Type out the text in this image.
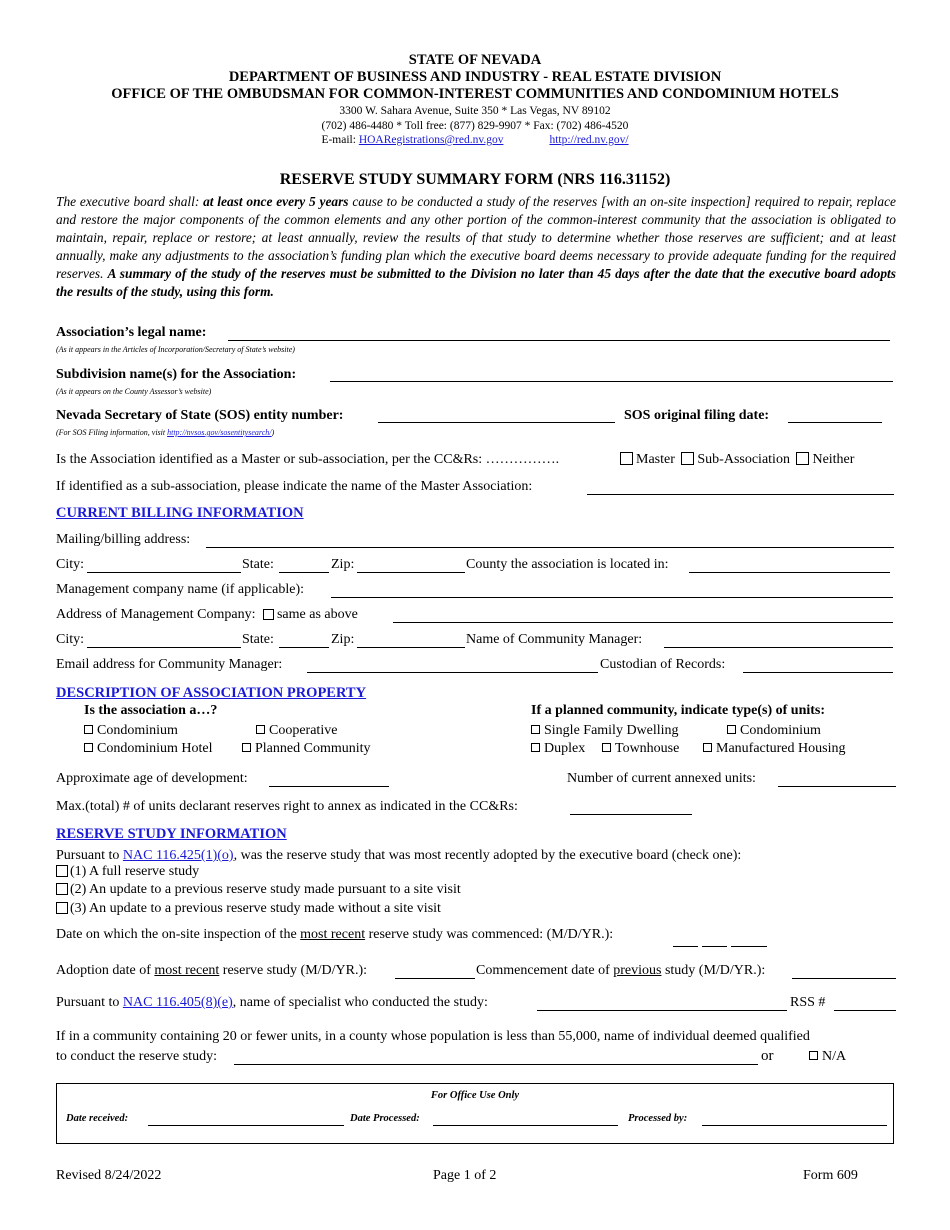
STATE OF NEVADA
DEPARTMENT OF BUSINESS AND INDUSTRY - REAL ESTATE DIVISION
OFFICE OF THE OMBUDSMAN FOR COMMON-INTEREST COMMUNITIES AND CONDOMINIUM HOTELS
3300 W. Sahara Avenue, Suite 350 * Las Vegas, NV 89102
(702) 486-4480 * Toll free: (877) 829-9907 * Fax: (702) 486-4520
E-mail: HOARegistrations@red.nv.gov	http://red.nv.gov/
RESERVE STUDY SUMMARY FORM (NRS 116.31152)
The executive board shall: at least once every 5 years cause to be conducted a study of the reserves [with an on-site inspection] required to repair, replace and restore the major components of the common elements and any other portion of the common-interest community that the association is obligated to maintain, repair, replace or restore; at least annually, review the results of that study to determine whether those reserves are sufficient; and at least annually, make any adjustments to the association’s funding plan which the executive board deems necessary to provide adequate funding for the required reserves. A summary of the study of the reserves must be submitted to the Division no later than 45 days after the date that the executive board adopts the results of the study, using this form.
Association’s legal name:
(As it appears in the Articles of Incorporation/Secretary of State’s website)
Subdivision name(s) for the Association:
(As it appears on the County Assessor’s website)
Nevada Secretary of State (SOS) entity number:	SOS original filing date:
(For SOS Filing information, visit http://nvsos.gov/sosentitysearch/)
Is the Association identified as a Master or sub-association, per the CC&Rs: …………….	Master Sub-Association Neither
If identified as a sub-association, please indicate the name of the Master Association:
CURRENT BILLING INFORMATION
Mailing/billing address:
City:	State:	Zip:	County the association is located in:
Management company name (if applicable):
Address of Management Company: same as above
City:	State:	Zip:	Name of Community Manager:
Email address for Community Manager:	Custodian of Records:
DESCRIPTION OF ASSOCIATION PROPERTY
Is the association a…?	If a planned community, indicate type(s) of units:
Condominium	Cooperative
Condominium Hotel	Planned Community
Single Family Dwelling	Condominium
Duplex	Townhouse	Manufactured Housing
Approximate age of development:	Number of current annexed units:
Max.(total) # of units declarant reserves right to annex as indicated in the CC&Rs:
RESERVE STUDY INFORMATION
Pursuant to NAC 116.425(1)(o), was the reserve study that was most recently adopted by the executive board (check one):
(1) A full reserve study
(2) An update to a previous reserve study made pursuant to a site visit
(3) An update to a previous reserve study made without a site visit
Date on which the on-site inspection of the most recent reserve study was commenced: (M/D/YR.):
Adoption date of most recent reserve study (M/D/YR.):	Commencement date of previous study (M/D/YR.):
Pursuant to NAC 116.405(8)(e), name of specialist who conducted the study:	RSS #
If in a community containing 20 or fewer units, in a county whose population is less than 55,000, name of individual deemed qualified
to conduct the reserve study:	or	N/A
For Office Use Only
Date received:	Date Processed:	Processed by:
Revised 8/24/2022	Page 1 of 2	Form 609
